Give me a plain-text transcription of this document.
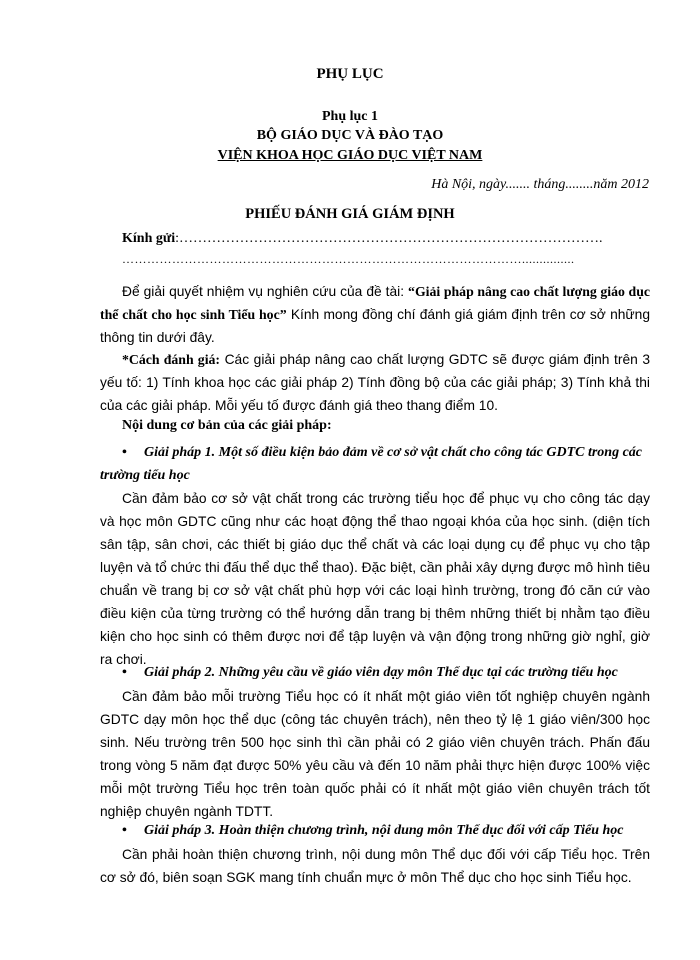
PHỤ LỤC
Phụ lục 1
BỘ GIÁO DỤC VÀ ĐÀO TẠO
VIỆN KHOA HỌC GIÁO DỤC VIỆT NAM
Hà Nội, ngày....... tháng........năm 2012
PHIẾU ĐÁNH GIÁ GIÁM ĐỊNH
Kính gửi:……………………………………………………………………………….
……………………………………………………………………………………...............
Để giải quyết nhiệm vụ nghiên cứu của đề tài: “Giải pháp nâng cao chất lượng giáo dục thể chất cho học sinh Tiểu học” Kính mong đồng chí đánh giá giám định trên cơ sở những thông tin dưới đây.
*Cách đánh giá: Các giải pháp nâng cao chất lượng GDTC sẽ được giám định trên 3 yếu tố: 1) Tính khoa học các giải pháp 2) Tính đồng bộ của các giải pháp; 3) Tính khả thi của các giải pháp. Mỗi yếu tố được đánh giá theo thang điểm 10.
Nội dung cơ bản của các giải pháp:
• Giải pháp 1. Một số điều kiện bảo đảm về cơ sở vật chất cho công tác GDTC trong các trường tiểu học
Cần đảm bảo cơ sở vật chất trong các trường tiểu học để phục vụ cho công tác dạy và học môn GDTC cũng như các hoạt động thể thao ngoại khóa của học sinh. (diện tích sân tập, sân chơi, các thiết bị giáo dục thể chất và các loại dụng cụ để phục vụ cho tập luyện và tổ chức thi đấu thể dục thể thao). Đặc biệt, cần phải xây dựng được mô hình tiêu chuẩn về trang bị cơ sở vật chất phù hợp với các loại hình trường, trong đó căn cứ vào điều kiện của từng trường có thể hướng dẫn trang bị thêm những thiết bị nhằm tạo điều kiện cho học sinh có thêm được nơi để tập luyện và vận động trong những giờ nghỉ, giờ ra chơi.
• Giải pháp 2. Những yêu cầu về giáo viên dạy môn Thể dục tại các trường tiểu học
Cần đảm bảo mỗi trường Tiểu học có ít nhất một giáo viên tốt nghiệp chuyên ngành GDTC dạy môn học thể dục (công tác chuyên trách), nên theo tỷ lệ 1 giáo viên/300 học sinh. Nếu trường trên 500 học sinh thì cần phải có 2 giáo viên chuyên trách. Phấn đấu trong vòng 5 năm đạt được 50% yêu cầu và đến 10 năm phải thực hiện được 100% việc mỗi một trường Tiểu học trên toàn quốc phải có ít nhất một giáo viên chuyên trách tốt nghiệp chuyên ngành TDTT.
• Giải pháp 3. Hoàn thiện chương trình, nội dung môn Thể dục đối với cấp Tiểu học
Cần phải hoàn thiện chương trình, nội dung môn Thể dục đối với cấp Tiểu học. Trên cơ sở đó, biên soạn SGK mang tính chuẩn mực ở môn Thể dục cho học sinh Tiểu học.
